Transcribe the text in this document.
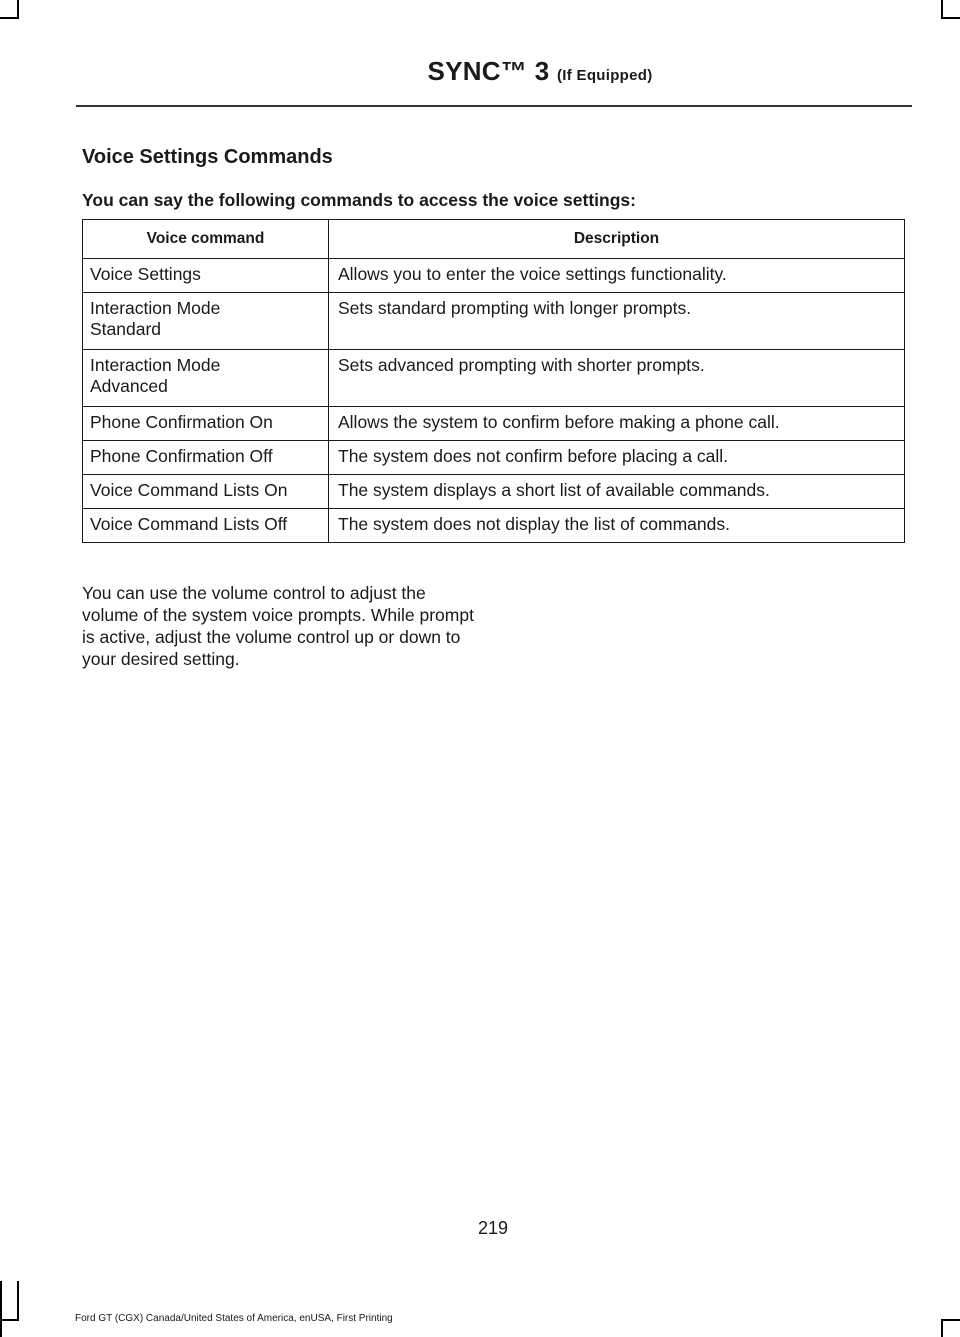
SYNC™ 3 (If Equipped)
Voice Settings Commands
You can say the following commands to access the voice settings:
Voice command	Description
Voice Settings	Allows you to enter the voice settings functionality.
Interaction Mode
Standard	Sets standard prompting with longer prompts.
Interaction Mode
Advanced	Sets advanced prompting with shorter prompts.
Phone Confirmation On	Allows the system to confirm before making a phone call.
Phone Confirmation Off	The system does not confirm before placing a call.
Voice Command Lists On	The system displays a short list of available commands.
Voice Command Lists Off	The system does not display the list of commands.
You can use the volume control to adjust the volume of the system voice prompts. While prompt is active, adjust the volume control up or down to your desired setting.
219
Ford GT (CGX) Canada/United States of America, enUSA, First Printing
